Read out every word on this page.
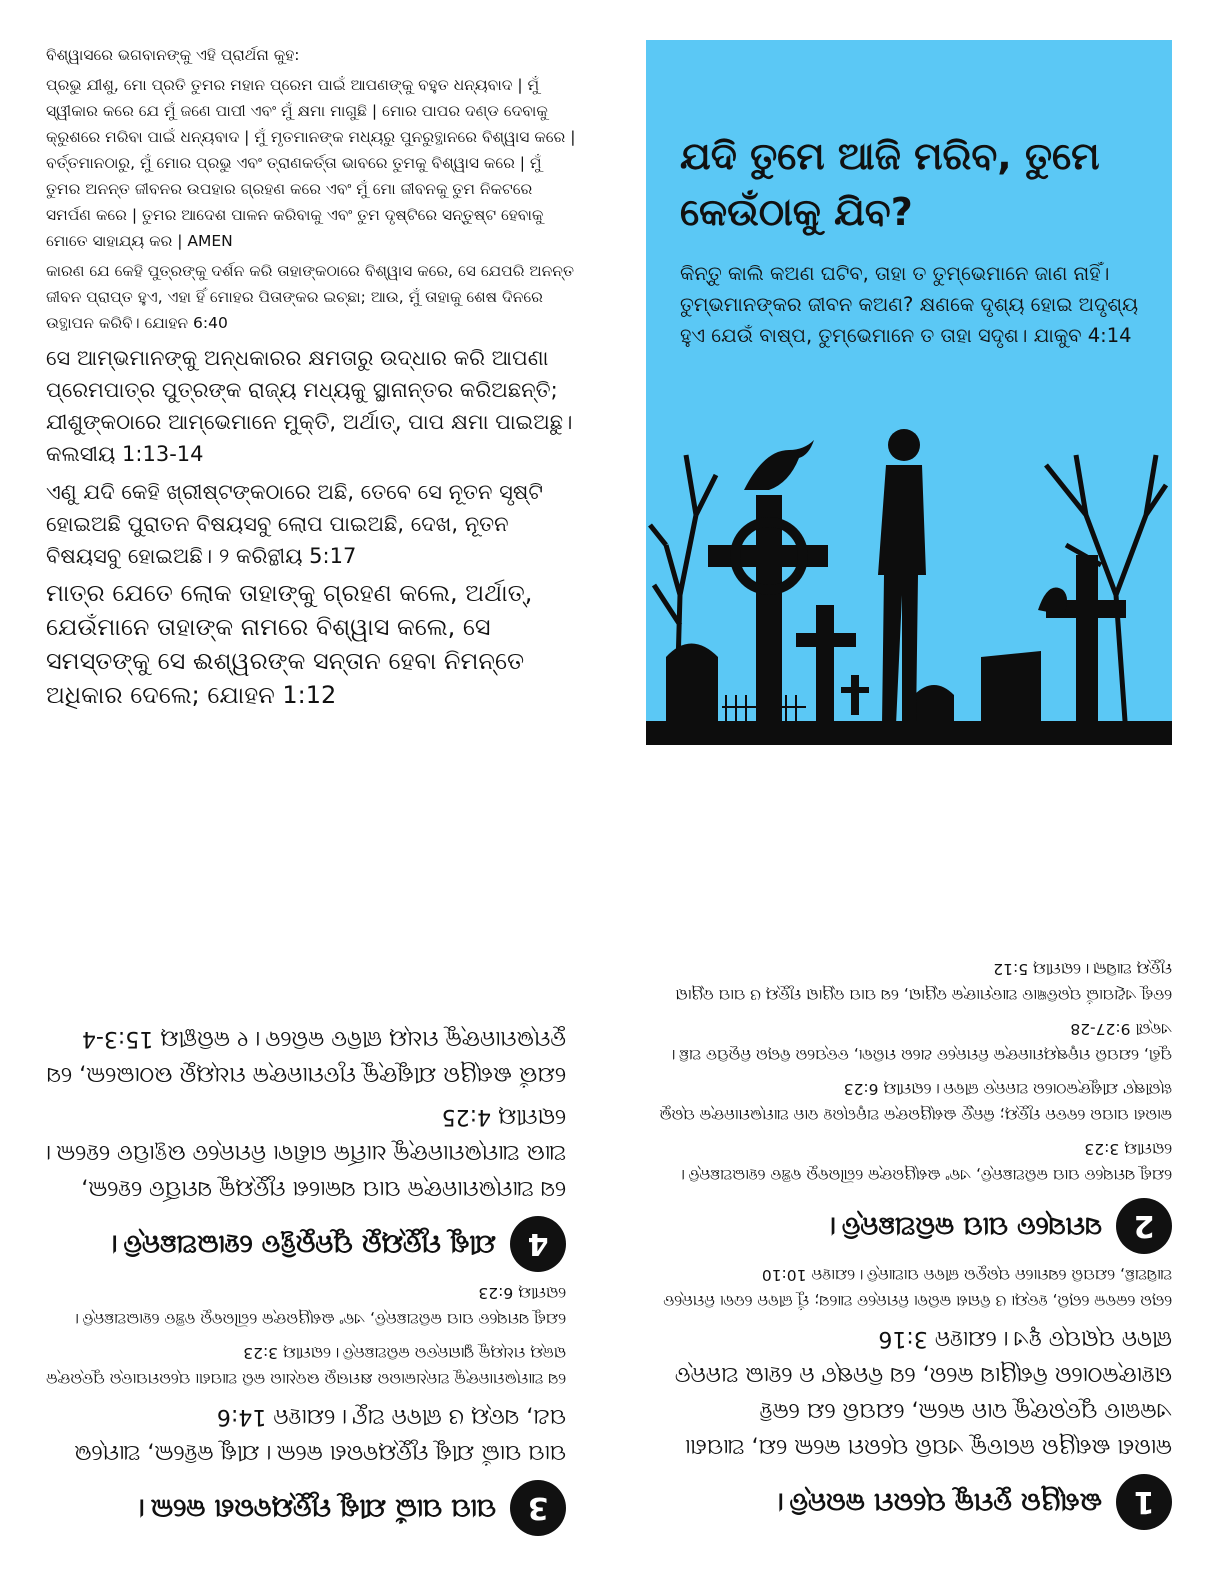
ବିଶ୍ୱାସରେ ଭଗବାନଙ୍କୁ ଏହି ପ୍ରାର୍ଥନା କୁହ:

ପ୍ରଭୁ ଯୀଶୁ, ମୋ ପ୍ରତି ତୁମର ମହାନ ପ୍ରେମ ପାଇଁ ଆପଣଙ୍କୁ ବହୁତ ଧନ୍ୟବାଦ | ମୁଁ ସ୍ୱୀକାର କରେ ଯେ ମୁଁ ଜଣେ ପାପୀ ଏବଂ ମୁଁ କ୍ଷମା ମାଗୁଛି | ମୋର ପାପର ଦଣ୍ଡ ଦେବାକୁ କ୍ରୁଶରେ ମରିବା ପାଇଁ ଧନ୍ୟବାଦ | ମୁଁ ମୃତମାନଙ୍କ ମଧ୍ୟରୁ ପୁନରୁତ୍ଥାନରେ ବିଶ୍ୱାସ କରେ | ବର୍ତ୍ତମାନଠାରୁ, ମୁଁ ମୋର ପ୍ରଭୁ ଏବଂ ତ୍ରାଣକର୍ତ୍ତା ଭାବରେ ତୁମକୁ ବିଶ୍ୱାସ କରେ | ମୁଁ ତୁମର ଅନନ୍ତ ଜୀବନର ଉପହାର ଗ୍ରହଣ କରେ ଏବଂ ମୁଁ ମୋ ଜୀବନକୁ ତୁମ ନିକଟରେ ସମର୍ପଣ କରେ | ତୁମର ଆଦେଶ ପାଳନ କରିବାକୁ ଏବଂ ତୁମ ଦୃଷ୍ଟିରେ ସନ୍ତୁଷ୍ଟ ହେବାକୁ ମୋତେ ସାହାଯ୍ୟ କର | AMEN

କାରଣ ଯେ କେହି ପୁତ୍ରଙ୍କୁ ଦର୍ଶନ କରି ତାହାଙ୍କଠାରେ ବିଶ୍ୱାସ କରେ, ସେ ଯେପରି ଅନନ୍ତ ଜୀବନ ପ୍ରାପ୍ତ ହୁଏ, ଏହା ହିଁ ମୋହର ପିତାଙ୍କର ଇଚ୍ଛା; ଆଉ, ମୁଁ ତାହାକୁ ଶେଷ ଦିନରେ ଉତ୍ଥାପନ କରିବି। ଯୋହନ 6:40

ସେ ଆମ୍ଭମାନଙ୍କୁ ଅନ୍ଧକାରର କ୍ଷମତାରୁ ଉଦ୍ଧାର କରି ଆପଣା ପ୍ରେମପାତ୍ର ପୁତ୍ରଙ୍କ ରାଜ୍ୟ ମଧ୍ୟକୁ ସ୍ଥାନାନ୍ତର କରିଅଛନ୍ତି; ଯୀଶୁଙ୍କଠାରେ ଆମ୍ଭେମାନେ ମୁକ୍ତି, ଅର୍ଥାତ୍, ପାପ କ୍ଷମା ପାଇଅଛୁ। କଲସୀୟ 1:13-14

ଏଣୁ ଯଦି କେହି ଖ୍ରୀଷ୍ଟଙ୍କଠାରେ ଅଛି, ତେବେ ସେ ନୂତନ ସୃଷ୍ଟି ହୋଇଅଛି ପୁରାତନ ବିଷୟସବୁ ଲୋପ ପାଇଅଛି, ଦେଖ, ନୂତନ ବିଷୟସବୁ ହୋଇଅଛି। ୨ କରିନ୍ଥୀୟ 5:17

ମାତ୍ର ଯେତେ ଲୋକ ତାହାଙ୍କୁ ଗ୍ରହଣ କଲେ, ଅର୍ଥାତ୍, ଯେଉଁମାନେ ତାହାଙ୍କ ନାମରେ ବିଶ୍ୱାସ କଲେ, ସେ ସମସ୍ତଙ୍କୁ ସେ ଈଶ୍ୱରଙ୍କ ସନ୍ତାନ ହେବା ନିମନ୍ତେ ଅଧିକାର ଦେଲେ; ଯୋହନ 1:12

ଯଦି ତୁମେ ଆଜି ମରିବ, ତୁମେ କେଉଁଠାକୁ ଯିବ?
କିନ୍ତୁ କାଲି କଅଣ ଘଟିବ, ତାହା ତ ତୁମ୍ଭେମାନେ ଜାଣ ନାହିଁ। ତୁମ୍ଭମାନଙ୍କର ଜୀବନ କଅଣ? କ୍ଷଣକେ ଦୃଶ୍ୟ ହୋଇ ଅଦୃଶ୍ୟ ହୁଏ ଯେଉଁ ବାଷ୍ପ, ତୁମ୍ଭେମାନେ ତ ତାହା ସଦୃଶ। ଯାକୁବ 4:14
3
ପାପ ପାଇଁ ଯୀଶୁ ମୃତ୍ୟୁବରଣ କଲେ।

ପାପ ପାଇଁ ଯୀଶୁ ମୃତ୍ୟୁବରଣ କଲେ। ଯୀଶୁ କହିଲେ, ଆମ୍ଭେ ପଥ, ସତ୍ୟ ଓ ଜୀବନ ଅଟୁ। ଯୋହନ 14:6

ସେ ଆମ୍ଭମାନଙ୍କୁ ଅନ୍ଧକାରର କ୍ଷମତାରୁ ଉଦ୍ଧାର କରି ଆପଣା ପ୍ରେମପାତ୍ର ପୁତ୍ରଙ୍କ ରାଜ୍ୟ ମଧ୍ୟକୁ ସ୍ଥାନାନ୍ତର କରିଅଛନ୍ତି। ରୋମୀୟ 3:23

ଯେଣୁ ସମସ୍ତେ ପାପ କରିଅଛନ୍ତି, ଏବଂ ଈଶ୍ୱରଙ୍କ ଗୌରବରୁ ବଞ୍ଚିତ ହୋଇଅଛନ୍ତି। ରୋମୀୟ 6:23

4
ଯୀଶୁ ମୃତ୍ୟୁରୁ ପୁନରୁତ୍ଥିତ ହୋଇଅଛନ୍ତି।

ସେ ଆମ୍ଭମାନଙ୍କ ପାପ ସକାଶେ ମୃତ୍ୟୁକୁ ସମର୍ପିତ ହେଲେ, ଆଉ ଆମ୍ଭମାନଙ୍କୁ ଧାର୍ମିକ ଗଣିବା ନିମନ୍ତେ ଉତ୍ଥାପିତ ହେଲେ। ରୋମୀୟ 4:25

ଯେଉଁ ଈଶ୍ୱର ଯୀଶୁଙ୍କୁ ମୃତମାନଙ୍କ ମଧ୍ୟରୁ ଉଠାଇଲେ, ସେ ତୁମ୍ଭମାନଙ୍କୁ ମଧ୍ୟ ଜୀବିତ କରିବେ। ୧ କରିନ୍ଥୀୟ 15:3-4

1
ଈଶ୍ୱର ତୁମକୁ ପ୍ରେମ କରନ୍ତି।

କାରଣ ଈଶ୍ୱର ଜଗତକୁ ଏପରି ପ୍ରେମ କଲେ ଯେ, ଆପଣା ଏକଜାତ ପୁତ୍ରଙ୍କୁ ଦାନ କଲେ, ଯେପରି ଯେ କେହି ତାହାଙ୍କଠାରେ ବିଶ୍ୱାସ କରେ, ସେ ବିନଷ୍ଟ ନ ହୋଇ ଅନନ୍ତ ଜୀବନ ପ୍ରାପ୍ତ ହୁଏ। ଯୋହନ 3:16

ଚୋର କେବଳ ଚୋରି, ହତ୍ୟା ଓ ବିନାଶ କରିବା ନିମନ୍ତେ ଆସେ; ମୁଁ ଜୀବନ ଦେବା ନିମନ୍ତେ ଆସିଅଛି, ଯେପରି ସେମାନେ ପ୍ରଚୁର ଜୀବନ ପାଆନ୍ତି। ଯୋହନ 10:10

2
ସମସ୍ତେ ପାପ କରିଅଛନ୍ତି।

ଯେଣୁ ସମସ୍ତେ ପାପ କରିଅଛନ୍ତି, ଏବଂ ଈଶ୍ୱରଙ୍କ ଗୌରବରୁ ବଞ୍ଚିତ ହୋଇଅଛନ୍ତି। ରୋମୀୟ 3:23

କାରଣ ପାପର ବେତନ ମୃତ୍ୟୁ; କିନ୍ତୁ ଈଶ୍ୱରଙ୍କ ଅନୁଗ୍ରହ ଦାନ ଆମ୍ଭମାନଙ୍କ ପ୍ରଭୁ ଖ୍ରୀଷ୍ଟ ଯୀଶୁଙ୍କଠାରେ ଅନନ୍ତ ଜୀବନ। ରୋମୀୟ 6:23

ପୁଣି, ଯେପରି ମନୁଷ୍ୟମାନଙ୍କ ନିମନ୍ତେ ଥରେ ମରିବା, ତତ୍ପରେ ବିଚାର ନିରୂପିତ ଅଛି। ଏବ୍ରୀ 9:27-28

ତେଣୁ ଏଥିପାଇଁ ପ୍ରତିଜ୍ଞାତ ଆତ୍ମାଙ୍କ ଦ୍ୱାରା, ସେ ପାପ ଦ୍ୱାରା ମୃତ୍ୟୁ ଓ ପାପ ଦ୍ୱାରା ମୃତ୍ୟୁ ଆସିଲା। ରୋମୀୟ 5:12
